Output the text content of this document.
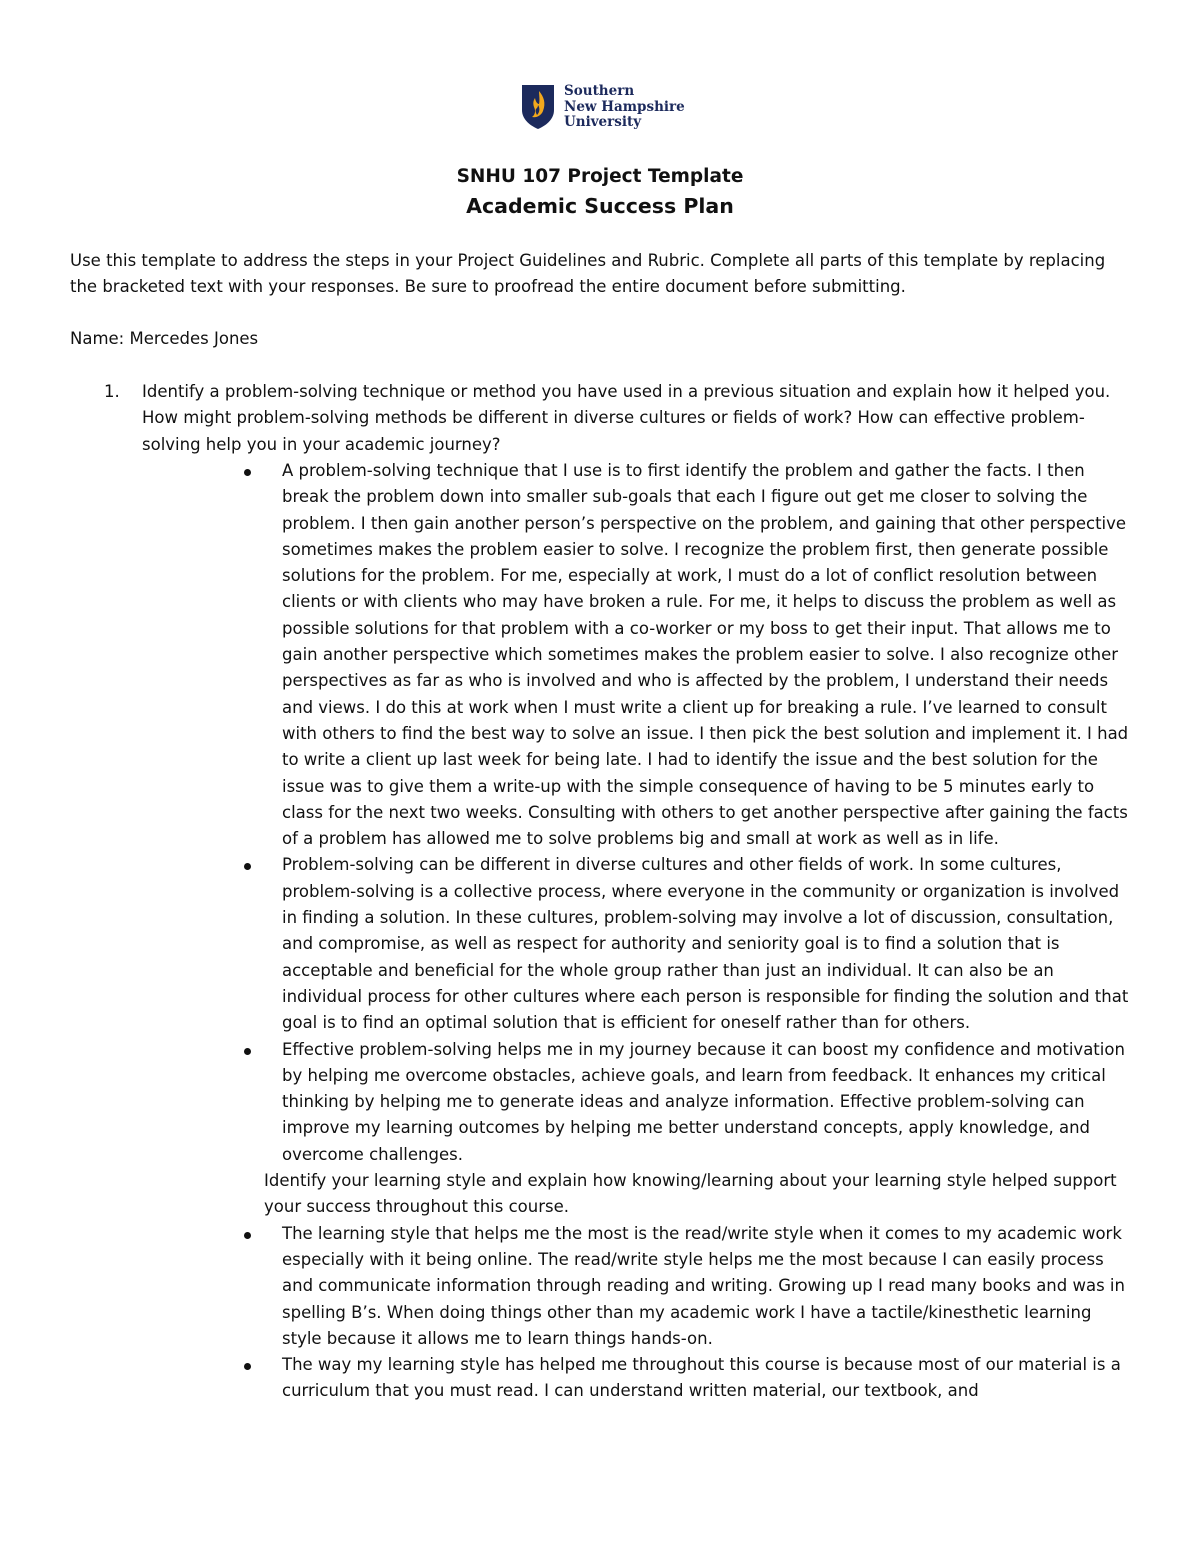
Southern
New Hampshire
University
SNHU 107 Project Template
Academic Success Plan
Use this template to address the steps in your Project Guidelines and Rubric. Complete all parts of this template by replacing the bracketed text with your responses. Be sure to proofread the entire document before submitting.
Name: Mercedes Jones
1. Identify a problem-solving technique or method you have used in a previous situation and explain how it helped you. How might problem-solving methods be different in diverse cultures or fields of work? How can effective problem-solving help you in your academic journey?
A problem-solving technique that I use is to first identify the problem and gather the facts. I then break the problem down into smaller sub-goals that each I figure out get me closer to solving the problem. I then gain another person’s perspective on the problem, and gaining that other perspective sometimes makes the problem easier to solve. I recognize the problem first, then generate possible solutions for the problem. For me, especially at work, I must do a lot of conflict resolution between clients or with clients who may have broken a rule. For me, it helps to discuss the problem as well as possible solutions for that problem with a co-worker or my boss to get their input. That allows me to gain another perspective which sometimes makes the problem easier to solve. I also recognize other perspectives as far as who is involved and who is affected by the problem, I understand their needs and views. I do this at work when I must write a client up for breaking a rule. I’ve learned to consult with others to find the best way to solve an issue. I then pick the best solution and implement it. I had to write a client up last week for being late. I had to identify the issue and the best solution for the issue was to give them a write-up with the simple consequence of having to be 5 minutes early to class for the next two weeks. Consulting with others to get another perspective after gaining the facts of a problem has allowed me to solve problems big and small at work as well as in life.
Problem-solving can be different in diverse cultures and other fields of work. In some cultures, problem-solving is a collective process, where everyone in the community or organization is involved in finding a solution. In these cultures, problem-solving may involve a lot of discussion, consultation, and compromise, as well as respect for authority and seniority goal is to find a solution that is acceptable and beneficial for the whole group rather than just an individual. It can also be an individual process for other cultures where each person is responsible for finding the solution and that goal is to find an optimal solution that is efficient for oneself rather than for others.
Effective problem-solving helps me in my journey because it can boost my confidence and motivation by helping me overcome obstacles, achieve goals, and learn from feedback. It enhances my critical thinking by helping me to generate ideas and analyze information. Effective problem-solving can improve my learning outcomes by helping me better understand concepts, apply knowledge, and overcome challenges.
Identify your learning style and explain how knowing/learning about your learning style helped support your success throughout this course.
The learning style that helps me the most is the read/write style when it comes to my academic work especially with it being online. The read/write style helps me the most because I can easily process and communicate information through reading and writing. Growing up I read many books and was in spelling B’s. When doing things other than my academic work I have a tactile/kinesthetic learning style because it allows me to learn things hands-on.
The way my learning style has helped me throughout this course is because most of our material is a curriculum that you must read. I can understand written material, our textbook, and
